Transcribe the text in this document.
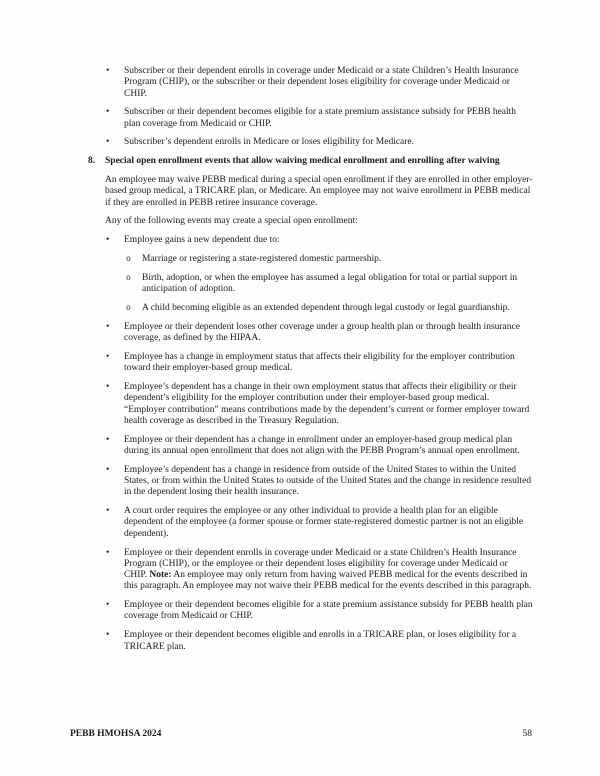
•	Subscriber or their dependent enrolls in coverage under Medicaid or a state Children’s Health Insurance Program (CHIP), or the subscriber or their dependent loses eligibility for coverage under Medicaid or CHIP.
•	Subscriber or their dependent becomes eligible for a state premium assistance subsidy for PEBB health plan coverage from Medicaid or CHIP.
•	Subscriber’s dependent enrolls in Medicare or loses eligibility for Medicare.
8.	Special open enrollment events that allow waiving medical enrollment and enrolling after waiving

An employee may waive PEBB medical during a special open enrollment if they are enrolled in other employer-based group medical, a TRICARE plan, or Medicare. An employee may not waive enrollment in PEBB medical if they are enrolled in PEBB retiree insurance coverage.

Any of the following events may create a special open enrollment:

•	Employee gains a new dependent due to:
o	Marriage or registering a state-registered domestic partnership.
o	Birth, adoption, or when the employee has assumed a legal obligation for total or partial support in anticipation of adoption.
o	A child becoming eligible as an extended dependent through legal custody or legal guardianship.
•	Employee or their dependent loses other coverage under a group health plan or through health insurance coverage, as defined by the HIPAA.
•	Employee has a change in employment status that affects their eligibility for the employer contribution toward their employer-based group medical.
•	Employee’s dependent has a change in their own employment status that affects their eligibility or their dependent’s eligibility for the employer contribution under their employer-based group medical. “Employer contribution” means contributions made by the dependent’s current or former employer toward health coverage as described in the Treasury Regulation.
•	Employee or their dependent has a change in enrollment under an employer-based group medical plan during its annual open enrollment that does not align with the PEBB Program’s annual open enrollment.
•	Employee’s dependent has a change in residence from outside of the United States to within the United States, or from within the United States to outside of the United States and the change in residence resulted in the dependent losing their health insurance.
•	A court order requires the employee or any other individual to provide a health plan for an eligible dependent of the employee (a former spouse or former state-registered domestic partner is not an eligible dependent).
•	Employee or their dependent enrolls in coverage under Medicaid or a state Children’s Health Insurance Program (CHIP), or the employee or their dependent loses eligibility for coverage under Medicaid or CHIP. Note: An employee may only return from having waived PEBB medical for the events described in this paragraph. An employee may not waive their PEBB medical for the events described in this paragraph.
•	Employee or their dependent becomes eligible for a state premium assistance subsidy for PEBB health plan coverage from Medicaid or CHIP.
•	Employee or their dependent becomes eligible and enrolls in a TRICARE plan, or loses eligibility for a TRICARE plan.
PEBB HMOHSA 2024	58
